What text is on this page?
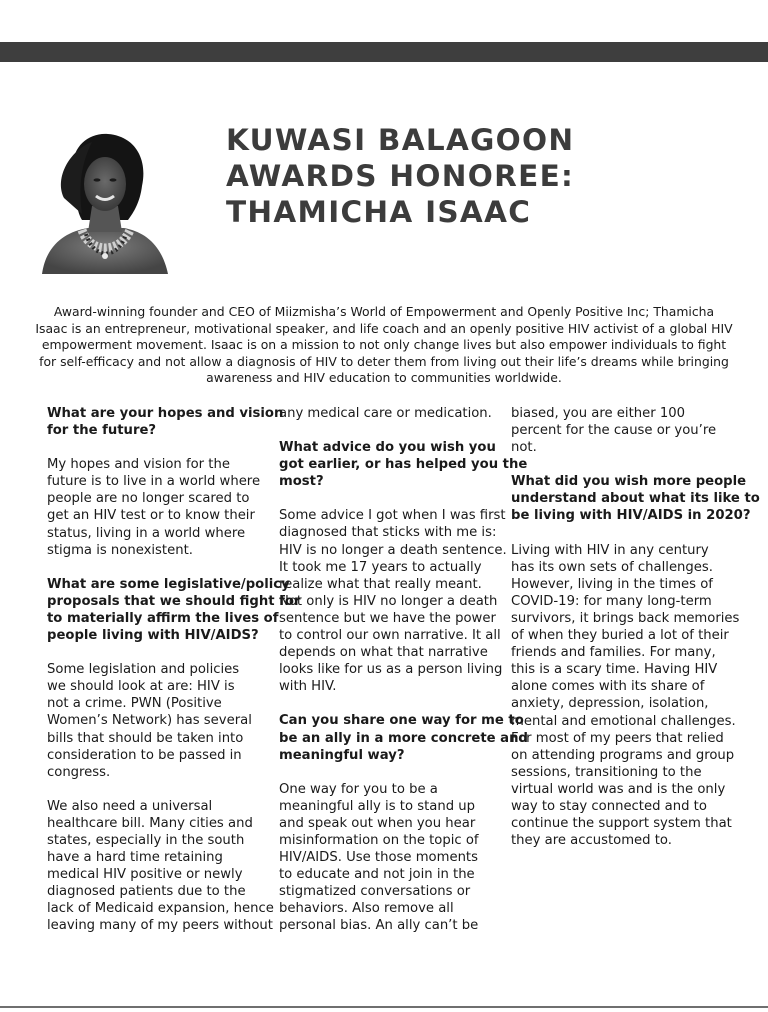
KUWASI BALAGOON
AWARDS HONOREE:
THAMICHA ISAAC
Award-winning founder and CEO of Miizmisha’s World of Empowerment and Openly Positive Inc; Thamicha
Isaac is an entrepreneur, motivational speaker, and life coach and an openly positive HIV activist of a global HIV
empowerment movement. Isaac is on a mission to not only change lives but also empower individuals to fight
for self-efficacy and not allow a diagnosis of HIV to deter them from living out their life’s dreams while bringing
awareness and HIV education to communities worldwide.

What are your hopes and vision

for the future?

My hopes and vision for the

future is to live in a world where

people are no longer scared to

get an HIV test or to know their

status, living in a world where

stigma is nonexistent.

What are some legislative/policy

proposals that we should fight for

to materially affirm the lives of

people living with HIV/AIDS?

Some legislation and policies

we should look at are: HIV is

not a crime. PWN (Positive

Women’s Network) has several

bills that should be taken into

consideration to be passed in

congress.

We also need a universal

healthcare bill. Many cities and

states, especially in the south

have a hard time retaining

medical HIV positive or newly

diagnosed patients due to the

lack of Medicaid expansion, hence

leaving many of my peers without

any medical care or medication.

What advice do you wish you

got earlier, or has helped you the

most?

Some advice I got when I was first

diagnosed that sticks with me is:

HIV is no longer a death sentence.

It took me 17 years to actually

realize what that really meant.

Not only is HIV no longer a death

sentence but we have the power

to control our own narrative. It all

depends on what that narrative

looks like for us as a person living

with HIV.

Can you share one way for me to

be an ally in a more concrete and

meaningful way?

One way for you to be a

meaningful ally is to stand up

and speak out when you hear

misinformation on the topic of

HIV/AIDS. Use those moments

to educate and not join in the

stigmatized conversations or

behaviors. Also remove all

personal bias. An ally can’t be

biased, you are either 100

percent for the cause or you’re

not.

What did you wish more people

understand about what its like to

be living with HIV/AIDS in 2020?

Living with HIV in any century

has its own sets of challenges.

However, living in the times of

COVID-19: for many long-term

survivors, it brings back memories

of when they buried a lot of their

friends and families. For many,

this is a scary time. Having HIV

alone comes with its share of

anxiety, depression, isolation,

mental and emotional challenges.

For most of my peers that relied

on attending programs and group

sessions, transitioning to the

virtual world was and is the only

way to stay connected and to

continue the support system that

they are accustomed to.
